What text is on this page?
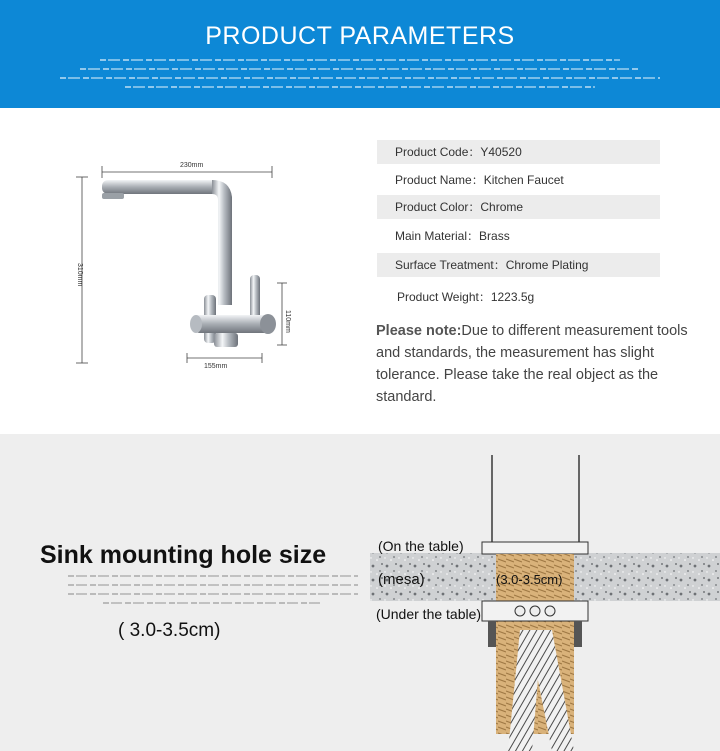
PRODUCT PARAMETERS
230mm
310mm
110mm
155mm
Product Code：Y40520
Product Name：Kitchen Faucet
Product Color：Chrome
Main Material：Brass
Surface Treatment：Chrome Plating
Product Weight：1223.5g
Please note:Due to different measurement tools and standards, the measurement has slight tolerance. Please take the real object as the standard.
Sink mounting hole size
( 3.0-3.5cm)
(On the table)
(mesa)	(3.0-3.5cm)
(Under the table)
